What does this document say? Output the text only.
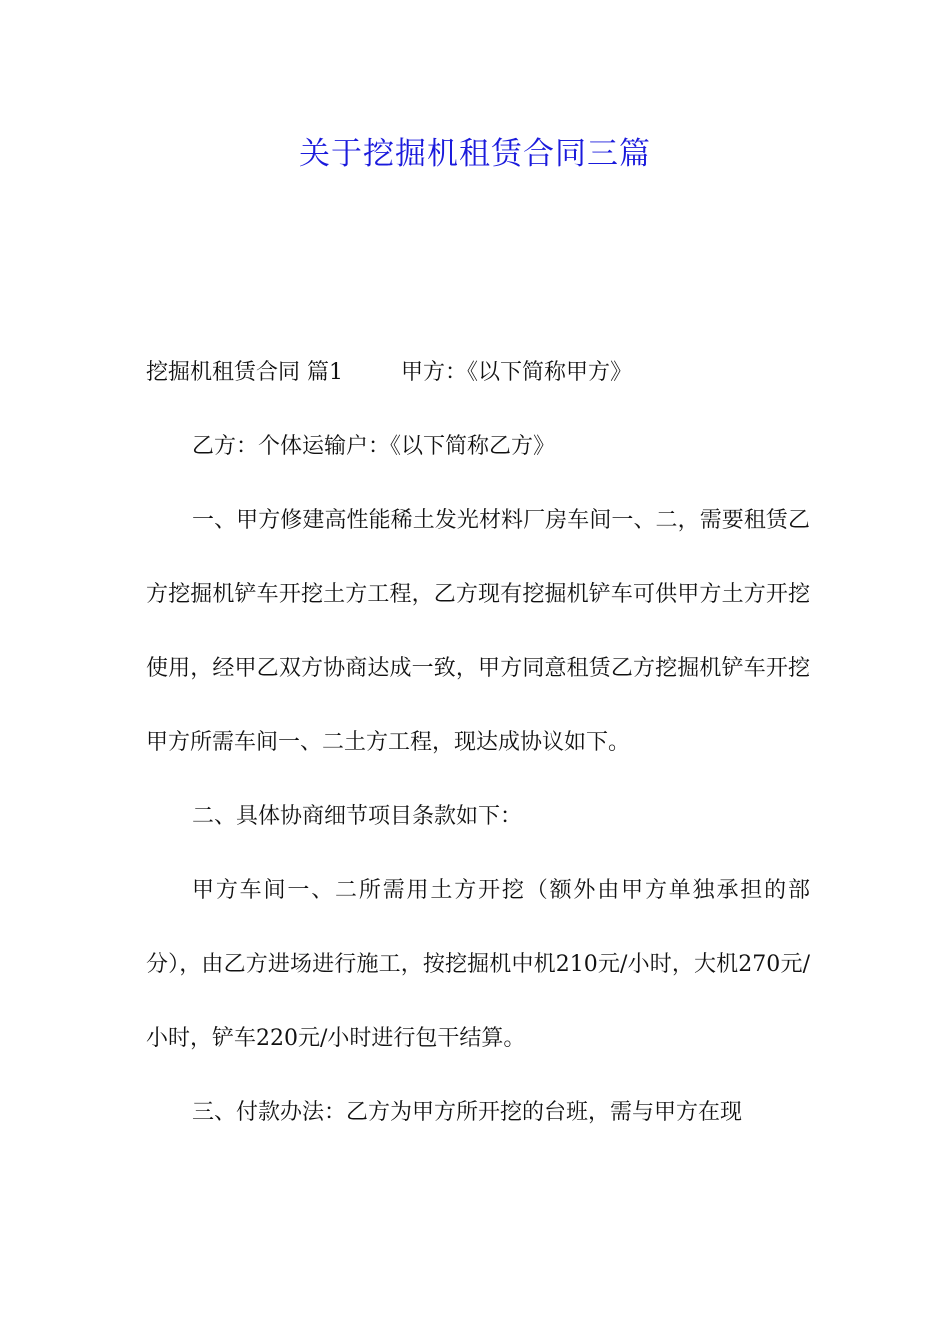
关于挖掘机租赁合同三篇

挖掘机租赁合同 篇1	甲方：《以下简称甲方》

乙方：个体运输户：《以下简称乙方》

一、甲方修建高性能稀土发光材料厂房车间一、二，需要租赁乙方挖掘机铲车开挖土方工程，乙方现有挖掘机铲车可供甲方土方开挖使用，经甲乙双方协商达成一致，甲方同意租赁乙方挖掘机铲车开挖甲方所需车间一、二土方工程，现达成协议如下。

二、具体协商细节项目条款如下：

甲方车间一、二所需用土方开挖（额外由甲方单独承担的部分），由乙方进场进行施工，按挖掘机中机210元/小时，大机270元/小时，铲车220元/小时进行包干结算。

三、付款办法：乙方为甲方所开挖的台班，需与甲方在现
